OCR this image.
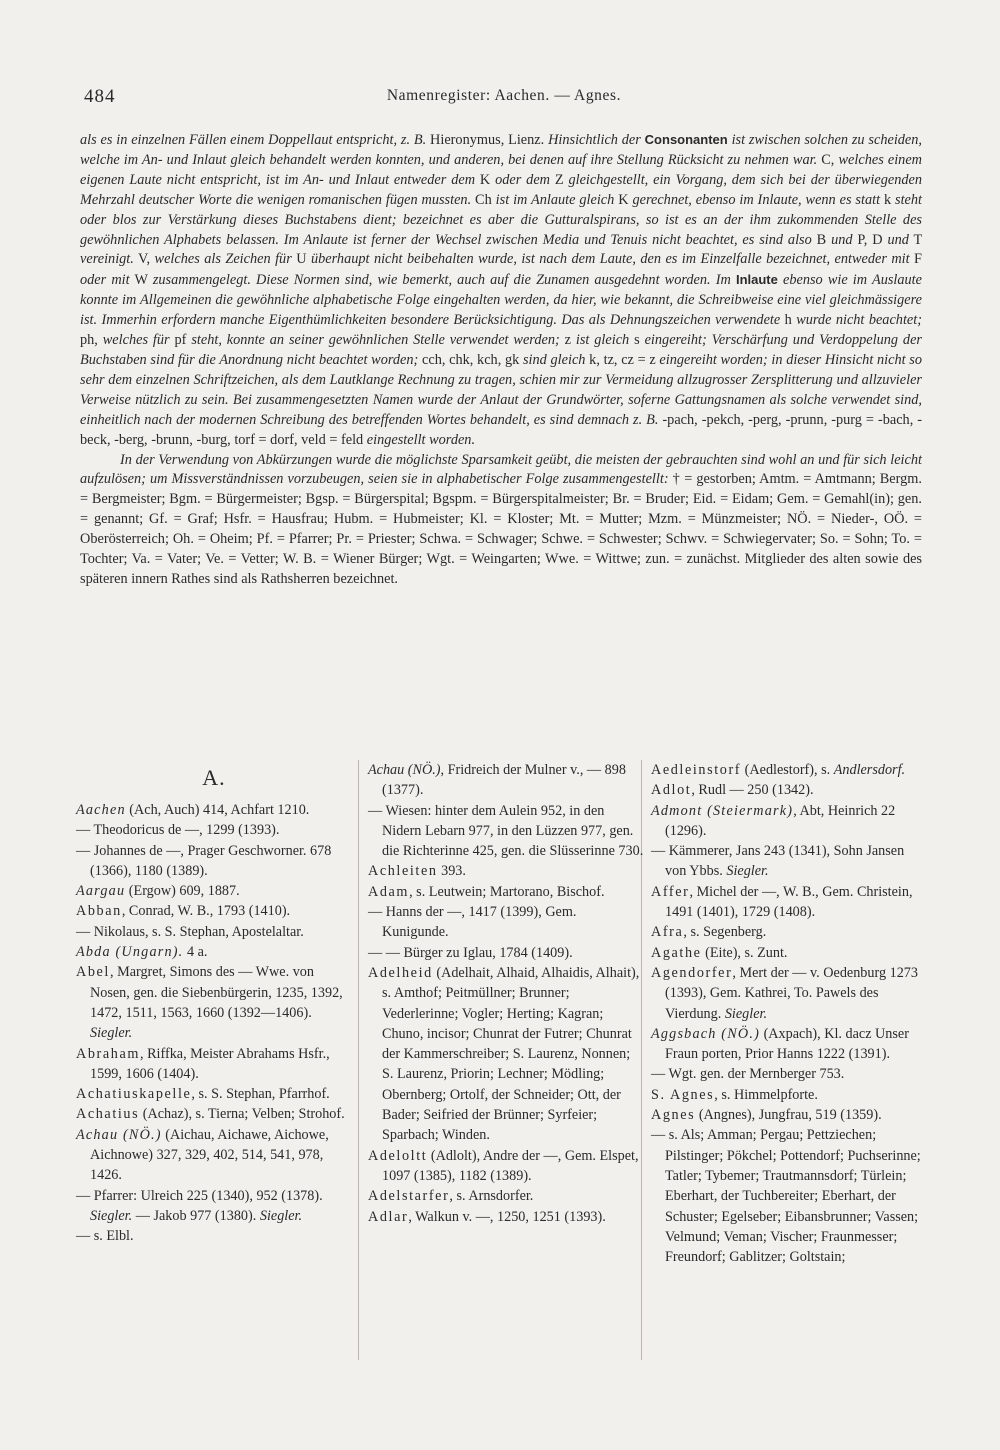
484	Namenregister: Aachen. — Agnes.

als es in einzelnen Fällen einem Doppellaut entspricht, z. B. Hieronymus, Lienz. Hinsichtlich der Consonanten ist zwischen solchen zu scheiden, welche im An- und Inlaut gleich behandelt werden konnten, und anderen, bei denen auf ihre Stellung Rücksicht zu nehmen war. C, welches einem eigenen Laute nicht entspricht, ist im An- und Inlaut entweder dem K oder dem Z gleichgestellt, ein Vorgang, dem sich bei der überwiegenden Mehrzahl deutscher Worte die wenigen romanischen fügen mussten. Ch ist im Anlaute gleich K gerechnet, ebenso im Inlaute, wenn es statt k steht oder blos zur Verstärkung dieses Buchstabens dient; bezeichnet es aber die Gutturalspirans, so ist es an der ihm zukommenden Stelle des gewöhnlichen Alphabets belassen. Im Anlaute ist ferner der Wechsel zwischen Media und Tenuis nicht beachtet, es sind also B und P, D und T vereinigt. V, welches als Zeichen für U überhaupt nicht beibehalten wurde, ist nach dem Laute, den es im Einzelfalle bezeichnet, entweder mit F oder mit W zusammengelegt. Diese Normen sind, wie bemerkt, auch auf die Zunamen ausgedehnt worden. Im Inlaute ebenso wie im Auslaute konnte im Allgemeinen die gewöhnliche alphabetische Folge eingehalten werden, da hier, wie bekannt, die Schreibweise eine viel gleichmässigere ist. Immerhin erfordern manche Eigenthümlichkeiten besondere Berücksichtigung. Das als Dehnungszeichen verwendete h wurde nicht beachtet; ph, welches für pf steht, konnte an seiner gewöhnlichen Stelle verwendet werden; z ist gleich s eingereiht; Verschärfung und Verdoppelung der Buchstaben sind für die Anordnung nicht beachtet worden; cch, chk, kch, gk sind gleich k, tz, cz = z eingereiht worden; in dieser Hinsicht nicht so sehr dem einzelnen Schriftzeichen, als dem Lautklange Rechnung zu tragen, schien mir zur Vermeidung allzugrosser Zersplitterung und allzuvieler Verweise nützlich zu sein. Bei zusammengesetzten Namen wurde der Anlaut der Grundwörter, soferne Gattungsnamen als solche verwendet sind, einheitlich nach der modernen Schreibung des betreffenden Wortes behandelt, es sind demnach z. B. -pach, -pekch, -perg, -prunn, -purg = -bach, -beck, -berg, -brunn, -burg, torf = dorf, veld = feld eingestellt worden.

In der Verwendung von Abkürzungen wurde die möglichste Sparsamkeit geübt, die meisten der gebrauchten sind wohl an und für sich leicht aufzulösen; um Missverständnissen vorzubeugen, seien sie in alphabetischer Folge zusammengestellt: † = gestorben; Amtm. = Amtmann; Bergm. = Bergmeister; Bgm. = Bürgermeister; Bgsp. = Bürgerspital; Bgspm. = Bürgerspitalmeister; Br. = Bruder; Eid. = Eidam; Gem. = Gemahl(in); gen. = genannt; Gf. = Graf; Hsfr. = Hausfrau; Hubm. = Hubmeister; Kl. = Kloster; Mt. = Mutter; Mzm. = Münzmeister; NÖ. = Nieder-, OÖ. = Oberösterreich; Oh. = Oheim; Pf. = Pfarrer; Pr. = Priester; Schwa. = Schwager; Schwe. = Schwester; Schwv. = Schwiegervater; So. = Sohn; To. = Tochter; Va. = Vater; Ve. = Vetter; W. B. = Wiener Bürger; Wgt. = Weingarten; Wwe. = Wittwe; zun. = zunächst. Mitglieder des alten sowie des späteren innern Rathes sind als Rathsherren bezeichnet.

A.
Aachen (Ach, Auch) 414, Achfart 1210.
— Theodoricus de —, 1299 (1393).
— Johannes de —, Prager Geschworner. 678 (1366), 1180 (1389).
Aargau (Ergow) 609, 1887.
Abban, Conrad, W. B., 1793 (1410).
— Nikolaus, s. S. Stephan, Apostelaltar.
Abda (Ungarn). 4 a.
Abel, Margret, Simons des — Wwe. von Nosen, gen. die Siebenbürgerin, 1235, 1392, 1472, 1511, 1563, 1660 (1392—1406). Siegler.
Abraham, Riffka, Meister Abrahams Hsfr., 1599, 1606 (1404).
Achatiuskapelle, s. S. Stephan, Pfarrhof.
Achatius (Achaz), s. Tierna; Velben; Strohof.
Achau (NÖ.) (Aichau, Aichawe, Aichowe, Aichnowe) 327, 329, 402, 514, 541, 978, 1426.
— Pfarrer: Ulreich 225 (1340), 952 (1378). Siegler. — Jakob 977 (1380). Siegler.
— s. Elbl.
Achau (NÖ.), Fridreich der Mulner v., — 898 (1377).
— Wiesen: hinter dem Aulein 952, in den Nidern Lebarn 977, in den Lüzzen 977, gen. die Richterinne 425, gen. die Slüsserinne 730.
Achleiten 393.
Adam, s. Leutwein; Martorano, Bischof.
— Hanns der —, 1417 (1399), Gem. Kunigunde.
— — Bürger zu Iglau, 1784 (1409).
Adelheid (Adelhait, Alhaid, Alhaidis, Alhait), s. Amthof; Peitmüllner; Brunner; Vederlerinne; Vogler; Herting; Kagran; Chuno, incisor; Chunrat der Futrer; Chunrat der Kammerschreiber; S. Laurenz, Nonnen; S. Laurenz, Priorin; Lechner; Mödling; Obernberg; Ortolf, der Schneider; Ott, der Bader; Seifried der Brünner; Syrfeier; Sparbach; Winden.
Adeloltt (Adlolt), Andre der —, Gem. Elspet, 1097 (1385), 1182 (1389).
Adelstarfer, s. Arnsdorfer.
Adlar, Walkun v. —, 1250, 1251 (1393).
Aedleinstorf (Aedlestorf), s. Andlersdorf.
Adlot, Rudl — 250 (1342).
Admont (Steiermark), Abt, Heinrich 22 (1296).
— Kämmerer, Jans 243 (1341), Sohn Jansen von Ybbs. Siegler.
Affer, Michel der —, W. B., Gem. Christein, 1491 (1401), 1729 (1408).
Afra, s. Segenberg.
Agathe (Eite), s. Zunt.
Agendorfer, Mert der — v. Oedenburg 1273 (1393), Gem. Kathrei, To. Pawels des Vierdung. Siegler.
Aggsbach (NÖ.) (Axpach), Kl. dacz Unser Fraun porten, Prior Hanns 1222 (1391).
— Wgt. gen. der Mernberger 753.
S. Agnes, s. Himmelpforte.
Agnes (Angnes), Jungfrau, 519 (1359).
— s. Als; Amman; Pergau; Pettziechen; Pilstinger; Pökchel; Pottendorf; Puchserinne; Tatler; Tybemer; Trautmannsdorf; Türlein; Eberhart, der Tuchbereiter; Eberhart, der Schuster; Egelseber; Eibansbrunner; Vassen; Velmund; Veman; Vischer; Fraunmesser; Freundorf; Gablitzer; Goltstain;
